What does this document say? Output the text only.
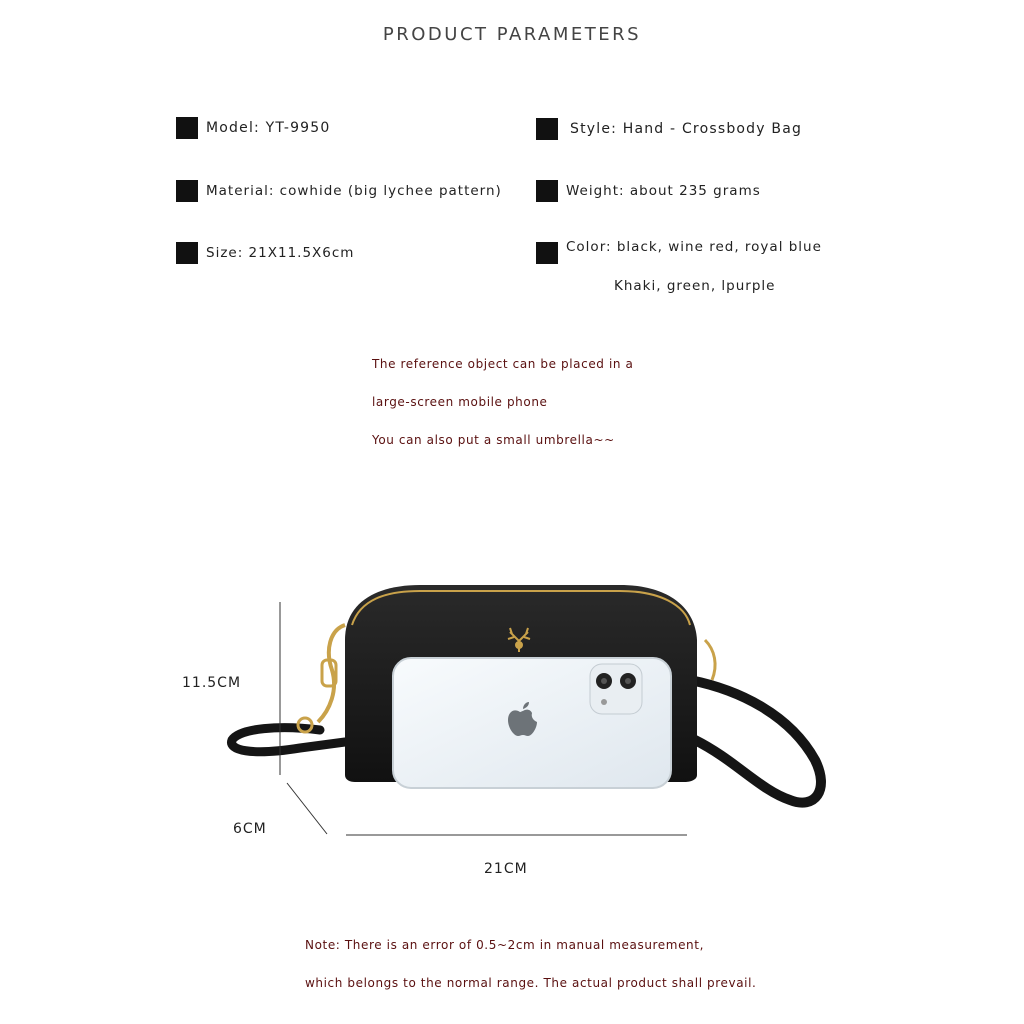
PRODUCT PARAMETERS
Model: YT-9950	Style: Hand - Crossbody Bag
Material: cowhide (big lychee pattern)	Weight: about 235 grams
Size: 21X11.5X6cm	Color: black, wine red, royal blue
Khaki, green, lpurple
The reference object can be placed in a
large-screen mobile phone
You can also put a small umbrella~~
11.5CM
6CM
21CM
Note: There is an error of 0.5~2cm in manual measurement,
which belongs to the normal range. The actual product shall prevail.
